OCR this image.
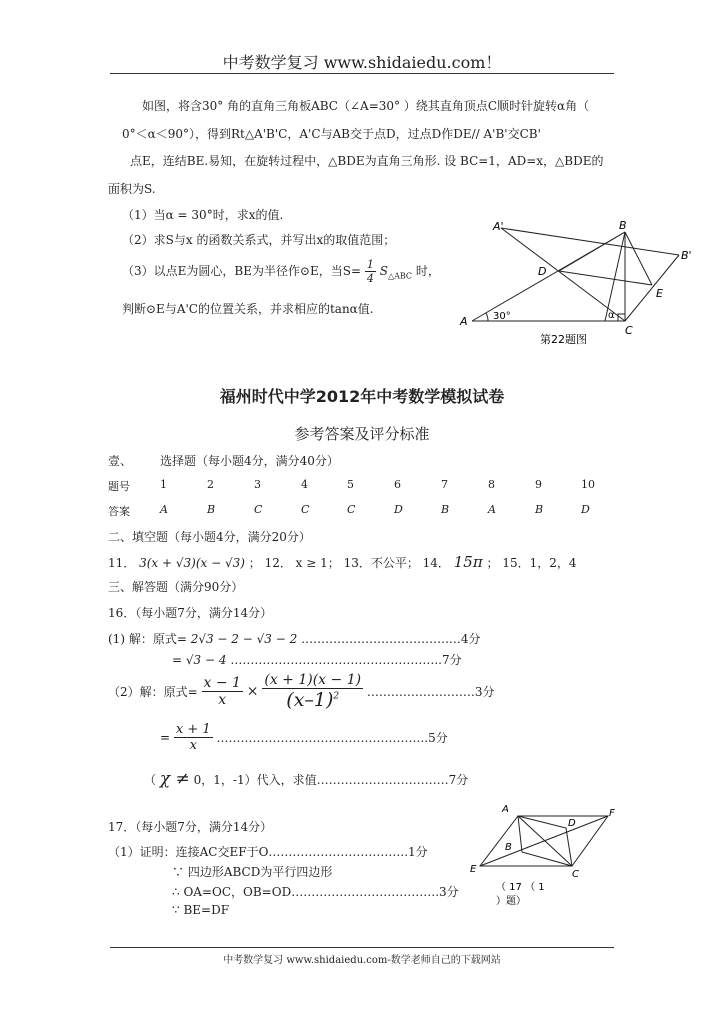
中考数学复习 www.shidaiedu.com！
如图，将含30° 角的直角三角板ABC（∠A=30° ）绕其直角顶点C顺时针旋转α角（
0°＜α＜90°），得到Rt△A'B'C，A'C与AB交于点D，过点D作DE// A'B'交CB'
点E，连结BE.易知，在旋转过程中，△BDE为直角三角形. 设 BC=1，AD=x，△BDE的
面积为S.
（1）当α = 30°时，求x的值.
（2）求S与x 的函数关系式，并写出x的取值范围；
（3）以点E为圆心，BE为半径作⊙E，当$S= \frac{1}{4} S_{\triangle ABC}$ 时，
判断⊙E与A'C的位置关系，并求相应的tanα值.
A'	B
B'
D
E
A
C
30°	α
第22题图
福州时代中学2012年中考数学模拟试卷
参考答案及评分标准
壹、 选择题（每小题4分，满分40分）
题号	1	2	3	4	5	6	7	8	9	10
答案	A	B	C	C	C	D	B	A	B	D
二、填空题（每小题4分，满分20分）
11． 3(x + √3)(x − √3) ； 12． x ≥ 1； 13．不公平； 14． 15π ； 15．1，2，4
三、解答题（满分90分）
16．（每小题7分，满分14分）
(1) 解：原式= 2√3 − 2 − √3 − 2 ……………………………….…4分
= √3 − 4 ……………………………………………..7分
（2）解：原式= $\frac{x - 1}{x} \times \frac{(x + 1)(x - 1)}{(x-1)^2}$ ………………………3分
= $\frac{x + 1}{x}$ ……………………………………………..5分
（ χ ≠ 0，1，-1）代入，求值……………………………7分
17．（每小题7分，满分14分）
（1）证明：连接AC交EF于O……………………………..1分
∵ 四边形ABCD为平行四边形
∴ OA=OC，OB=OD……………………………….3分
∵ BE=DF
A	F
D
B
E	C
（ 17 （ 1
）题）
中考数学复习 www.shidaiedu.com-数学老师自己的下载网站
